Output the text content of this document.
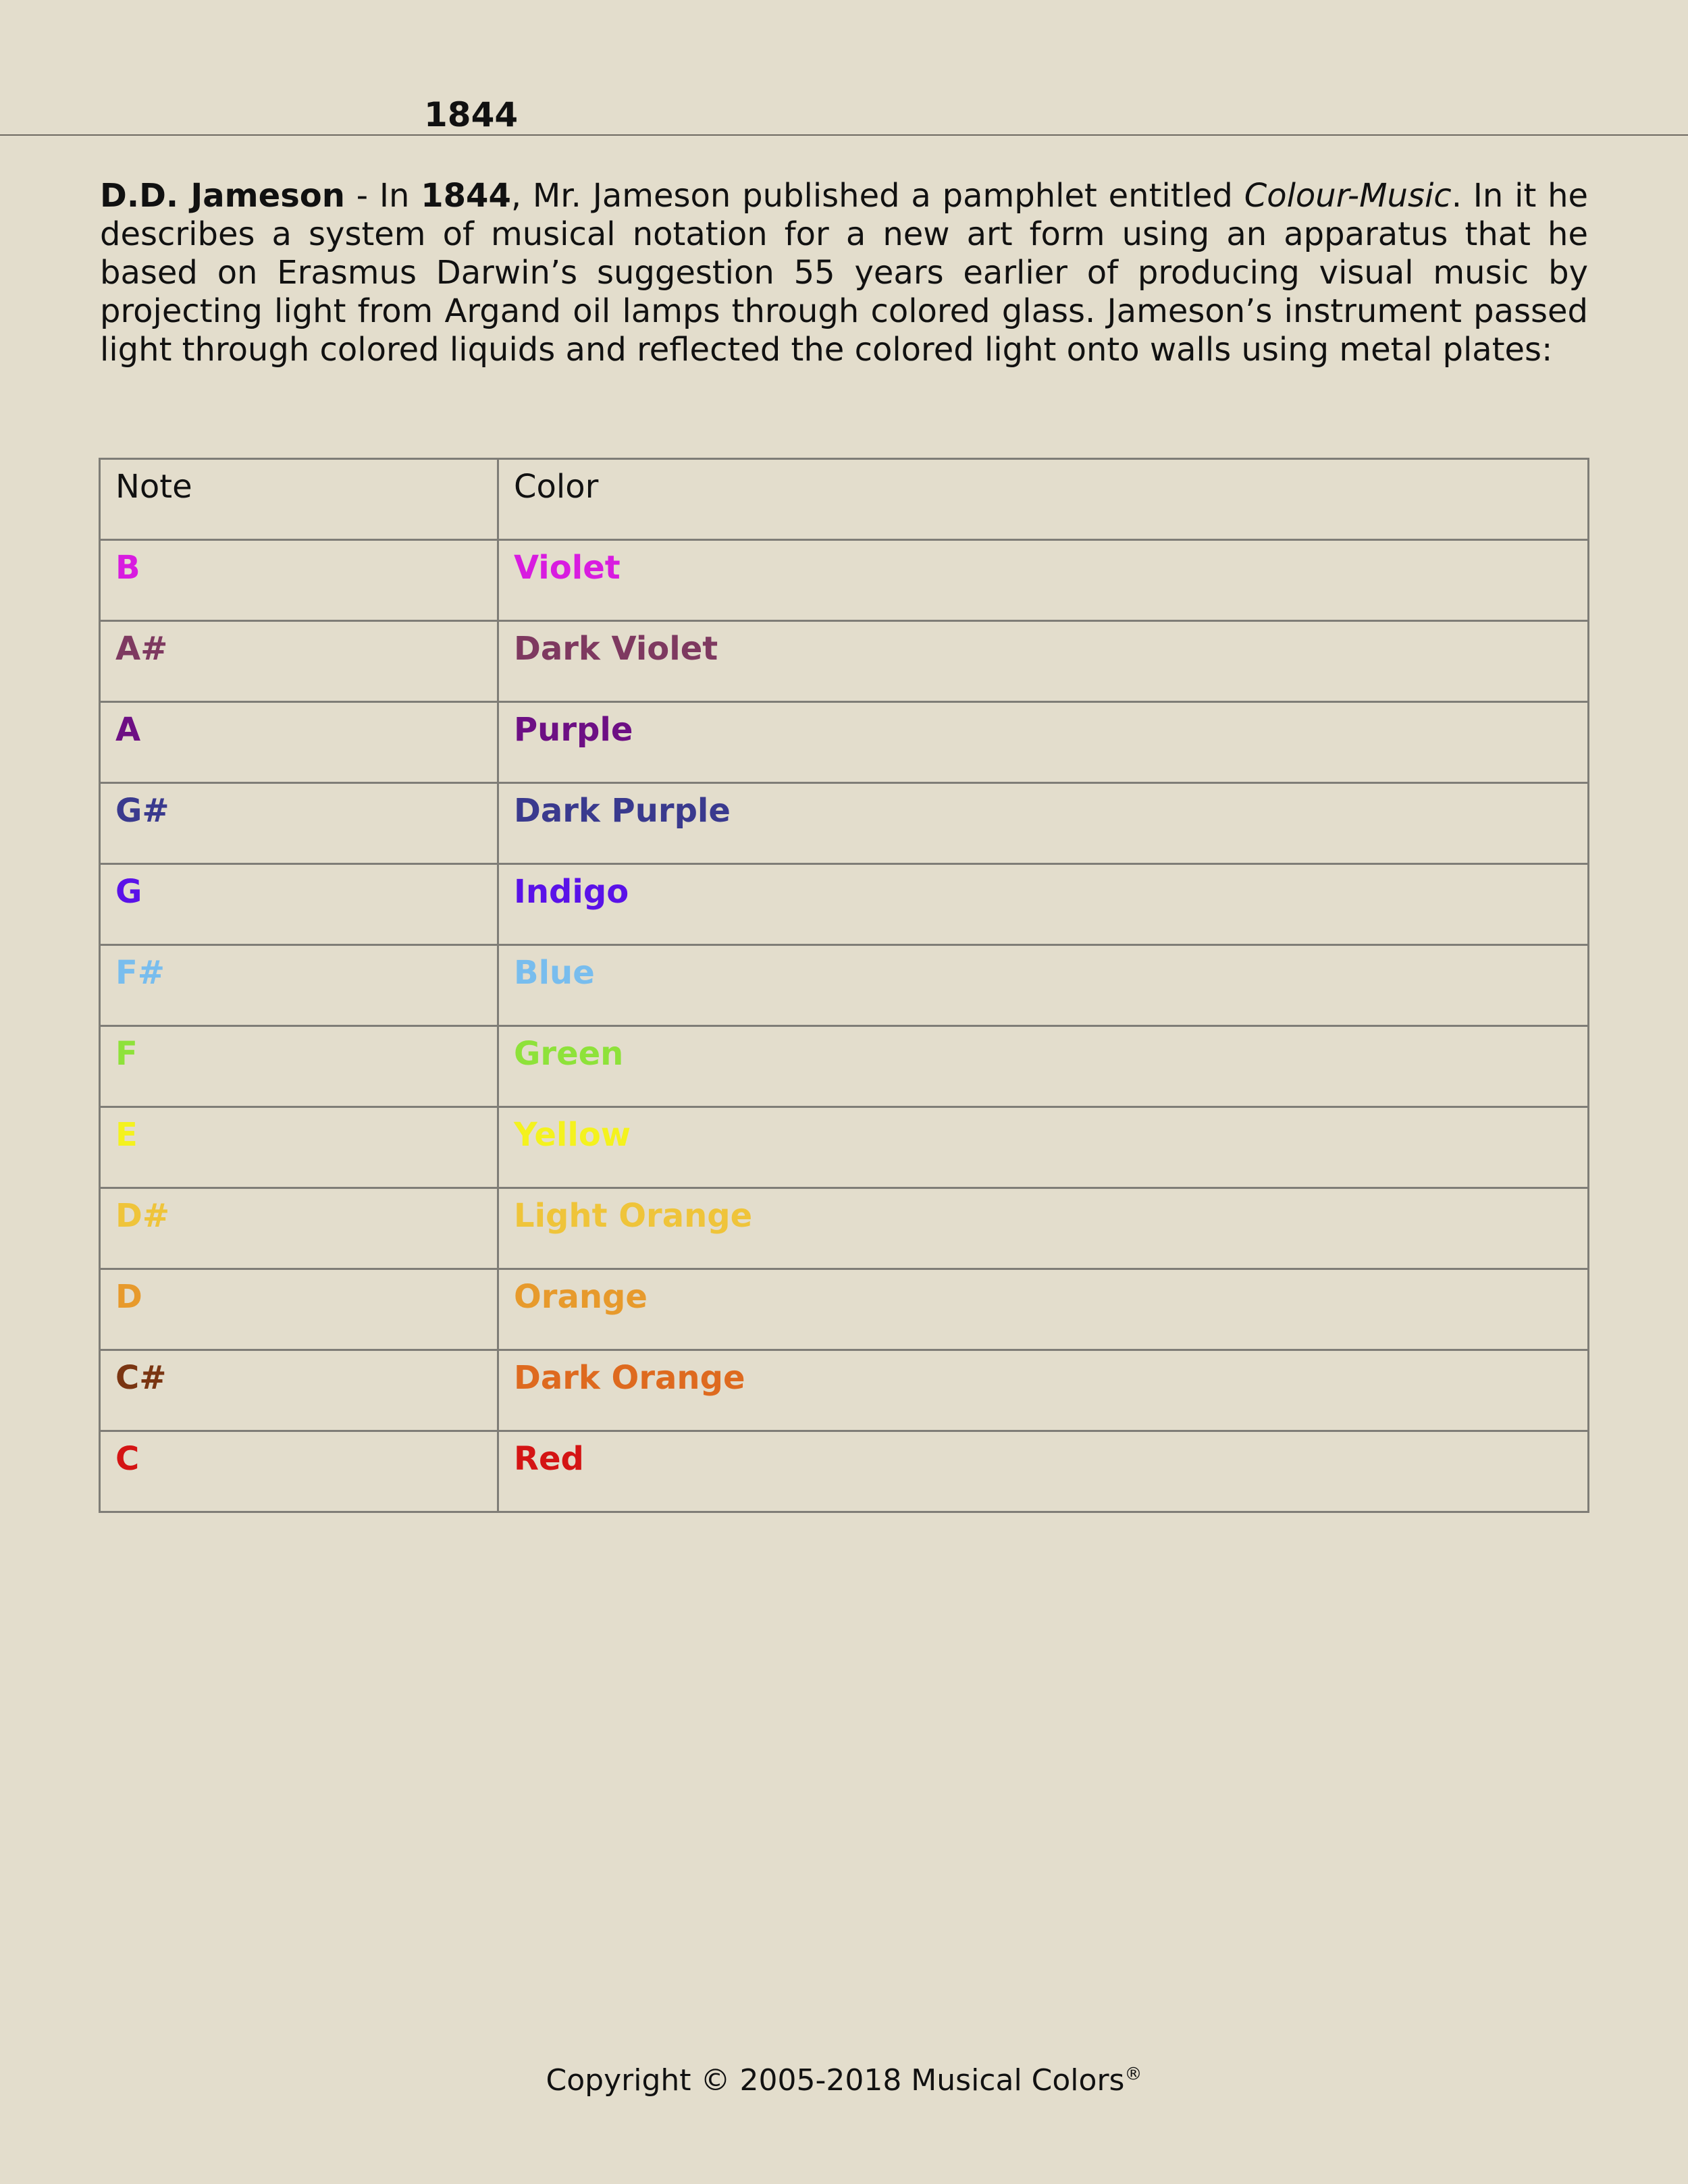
1844

D.D. Jameson - In 1844, Mr. Jameson published a pamphlet entitled Colour-Music. In it he describes a system of musical notation for a new art form using an apparatus that he based on Erasmus Darwin’s suggestion 55 years earlier of producing visual music by projecting light from Argand oil lamps through colored glass. Jameson’s instrument passed light through colored liquids and reflected the colored light onto walls using metal plates:

Note	Color
B	Violet
A#	Dark Violet
A	Purple
G#	Dark Purple
G	Indigo
F#	Blue
F	Green
E	Yellow
D#	Light Orange
D	Orange
C#	Dark Orange
C	Red
Copyright © 2005-2018 Musical Colors®
